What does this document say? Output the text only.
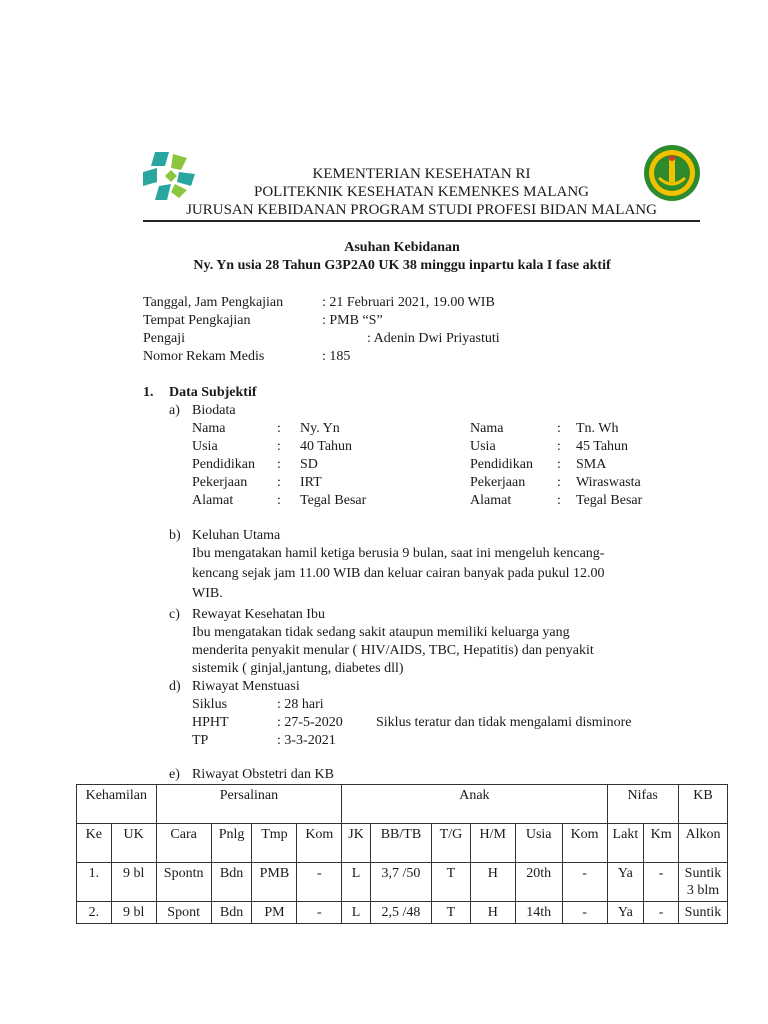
KEMENTERIAN KESEHATAN RI
POLITEKNIK KESEHATAN KEMENKES MALANG
JURUSAN KEBIDANAN PROGRAM STUDI PROFESI BIDAN MALANG
Asuhan Kebidanan
Ny. Yn usia 28 Tahun G3P2A0 UK 38 minggu inpartu kala I fase aktif
Tanggal, Jam Pengkajian	: 21 Februari 2021, 19.00 WIB
Tempat Pengkajian	: PMB “S”
Pengaji	: Adenin Dwi Priyastuti
Nomor Rekam Medis	: 185
1. Data Subjektif
a) Biodata
Nama	: Ny. Yn
Usia	: 40 Tahun
Pendidikan : SD
Pekerjaan : IRT
Alamat	: Tegal Besar
Nama	: Tn. Wh
Usia	: 45 Tahun
Pendidikan : SMA
Pekerjaan : Wiraswasta
Alamat	: Tegal Besar
b) Keluhan Utama
Ibu mengatakan hamil ketiga berusia 9 bulan, saat ini mengeluh kencang-
kencang sejak jam 11.00 WIB dan keluar cairan banyak pada pukul 12.00
WIB.
c) Rewayat Kesehatan Ibu
Ibu mengatakan tidak sedang sakit ataupun memiliki keluarga yang
menderita penyakit menular ( HIV/AIDS, TBC, Hepatitis) dan penyakit
sistemik ( ginjal,jantung, diabetes dll)
d) Riwayat Menstuasi
Siklus	: 28 hari
HPHT	: 27-5-2020 Siklus teratur dan tidak mengalami disminore
TP	: 3-3-2021
e) Riwayat Obstetri dan KB
Kehamilan		Persalinan				Anak						Nifas		KB
Ke	UK	Cara	Pnlg	Tmp	Kom	JK	BB/TB	T/G	H/M	Usia	Kom	Lakt	Km	Alkon
1.	9 bl	Spontn	Bdn	PMB	-	L	3,7 /50	T	H	20th	-	Ya	-	Suntik 3 blm
2.	9 bl	Spont	Bdn	PM	-	L	2,5 /48	T	H	14th	-	Ya	-	Suntik
